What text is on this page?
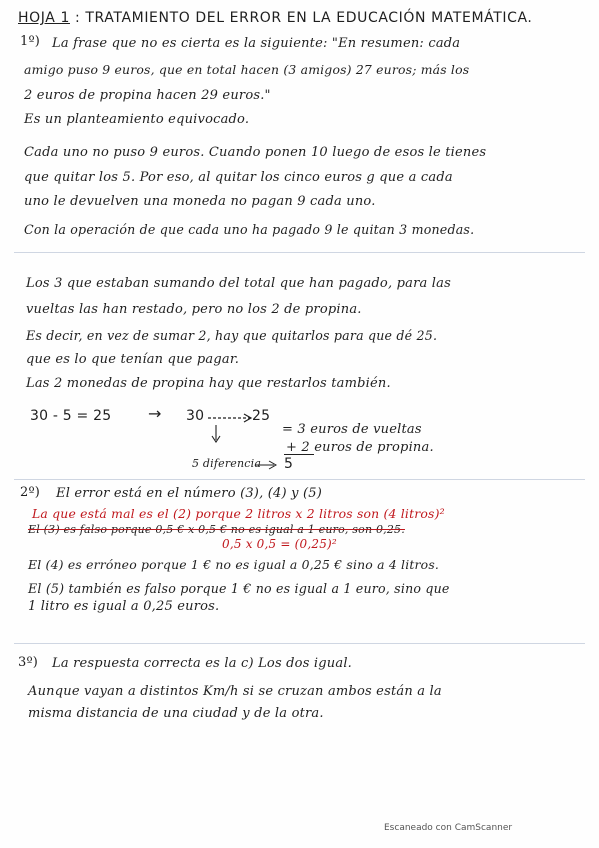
HOJA 1 : TRATAMIENTO DEL ERROR EN LA EDUCACIÓN MATEMÁTICA.
1º) La frase que no es cierta es la siguiente: "En resumen: cada
amigo puso 9 euros, que en total hacen (3 amigos) 27 euros; más los
2 euros de propina hacen 29 euros."
Es un planteamiento equivocado.
Cada uno no puso 9 euros. Cuando ponen 10 luego de esos le tienes
que quitar los 5. Por eso, al quitar los cinco euros g que a cada
uno le devuelven una moneda no pagan 9 cada uno.
Con la operación de que cada uno ha pagado 9 le quitan 3 monedas.
Los 3 que estaban sumando del total que han pagado, para las
vueltas las han restado, pero no los 2 de propina.
Es decir, en vez de sumar 2, hay que quitarlos para que dé 25.
que es lo que tenían que pagar.
Las 2 monedas de propina hay que restarlos también.
30 - 5 = 25 → 30	25
= 3 euros de vueltas
+ 2 euros de propina.
5 diferencia 5
2º) El error está en el número (3), (4) y (5)
La que está mal es el (2) porque 2 litros x 2 litros son (4 litros)²
El (3) es falso porque 0,5 € x 0,5 € no es igual a 1 euro, son 0,25.
0,5 x 0,5 = (0,25)²
El (4) es erróneo porque 1 € no es igual a 0,25 € sino a 4 litros.
El (5) también es falso porque 1 € no es igual a 1 euro, sino que
1 litro es igual a 0,25 euros.
3º) La respuesta correcta es la c) Los dos igual.
Aunque vayan a distintos Km/h si se cruzan ambos están a la
misma distancia de una ciudad y de la otra.
Escaneado con CamScanner
